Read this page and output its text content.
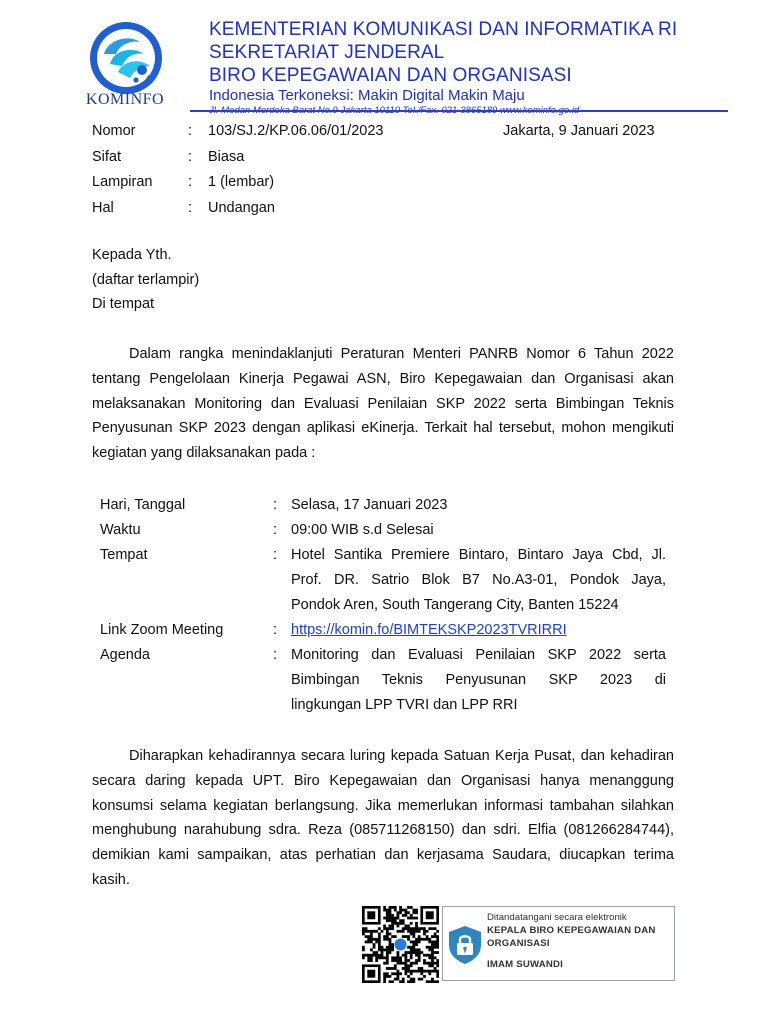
KOMINFO
KEMENTERIAN KOMUNIKASI DAN INFORMATIKA RI
SEKRETARIAT JENDERAL
BIRO KEPEGAWAIAN DAN ORGANISASI
Indonesia Terkoneksi: Makin Digital Makin Maju
Jl. Medan Merdeka Barat No.9 Jakarta 10110 Tel./Fax. 021-3865189 www.kominfo.go.id
Nomor	: 103/SJ.2/KP.06.06/01/2023
Sifat	: Biasa
Lampiran : 1 (lembar)
Hal	: Undangan
Jakarta, 9 Januari 2023
Kepada Yth.
(daftar terlampir)
Di tempat
Dalam rangka menindaklanjuti Peraturan Menteri PANRB Nomor 6 Tahun 2022 tentang Pengelolaan Kinerja Pegawai ASN, Biro Kepegawaian dan Organisasi akan melaksanakan Monitoring dan Evaluasi Penilaian SKP 2022 serta Bimbingan Teknis Penyusunan SKP 2023 dengan aplikasi eKinerja. Terkait hal tersebut, mohon mengikuti kegiatan yang dilaksanakan pada :
Hari, Tanggal	: Selasa, 17 Januari 2023
Waktu	: 09:00 WIB s.d Selesai
Tempat	: Hotel Santika Premiere Bintaro, Bintaro Jaya Cbd, Jl.
Prof. DR. Satrio Blok B7 No.A3-01, Pondok Jaya,
Pondok Aren, South Tangerang City, Banten 15224
Link Zoom Meeting	: https://komin.fo/BIMTEKSKP2023TVRIRRI
Agenda	: Monitoring dan Evaluasi Penilaian SKP 2022 serta
Bimbingan Teknis Penyusunan SKP 2023 di
lingkungan LPP TVRI dan LPP RRI
Diharapkan kehadirannya secara luring kepada Satuan Kerja Pusat, dan kehadiran secara daring kepada UPT. Biro Kepegawaian dan Organisasi hanya menanggung konsumsi selama kegiatan berlangsung. Jika memerlukan informasi tambahan silahkan menghubung narahubung sdra. Reza (085711268150) dan sdri. Elfia (081266284744), demikian kami sampaikan, atas perhatian dan kerjasama Saudara, diucapkan terima kasih.
Ditandatangani secara elektronik
KEPALA BIRO KEPEGAWAIAN DAN ORGANISASI
IMAM SUWANDI
